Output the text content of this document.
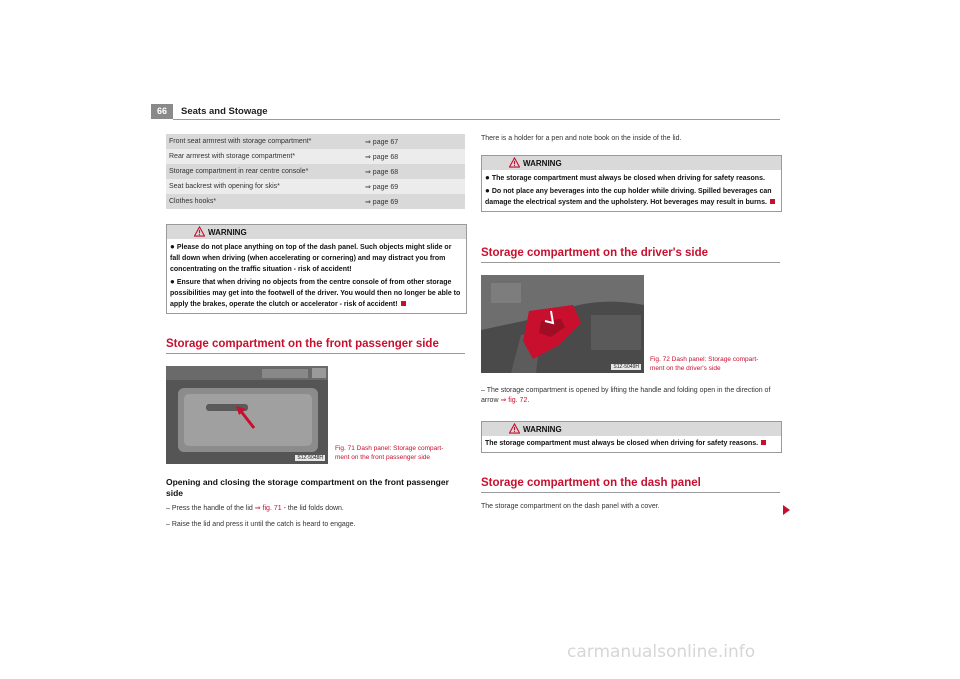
66	Seats and Stowage
Front seat armrest with storage compartment*	⇒ page 67
Rear armrest with storage compartment*	⇒ page 68
Storage compartment in rear centre console*	⇒ page 68
Seat backrest with opening for skis*	⇒ page 69
Clothes hooks*	⇒ page 69
WARNING

● Please do not place anything on top of the dash panel. Such objects might slide or fall down when driving (when accelerating or cornering) and may distract you from concentrating on the traffic situation - risk of accident!

● Ensure that when driving no objects from the centre console of from other storage possibilities may get into the footwell of the driver. You would then no longer be able to apply the brakes, operate the clutch or accelerator - risk of accident!

Storage compartment on the front passenger side
S1Z-5048H
Fig. 71 Dash panel: Storage compart-
ment on the front passenger side
Opening and closing the storage compartment on the front passenger side
– Press the handle of the lid ⇒ fig. 71 - the lid folds down.
– Raise the lid and press it until the catch is heard to engage.
There is a holder for a pen and note book on the inside of the lid.
WARNING

● The storage compartment must always be closed when driving for safety reasons.

● Do not place any beverages into the cup holder while driving. Spilled beverages can damage the electrical system and the upholstery. Hot beverages may result in burns.

Storage compartment on the driver's side
S1Z-5049H
Fig. 72 Dash panel: Storage compart-
ment on the driver's side
– The storage compartment is opened by lifting the handle and folding open in the direction of arrow ⇒ fig. 72.
WARNING

The storage compartment must always be closed when driving for safety reasons.

Storage compartment on the dash panel
The storage compartment on the dash panel with a cover.
carmanualsonline.info
